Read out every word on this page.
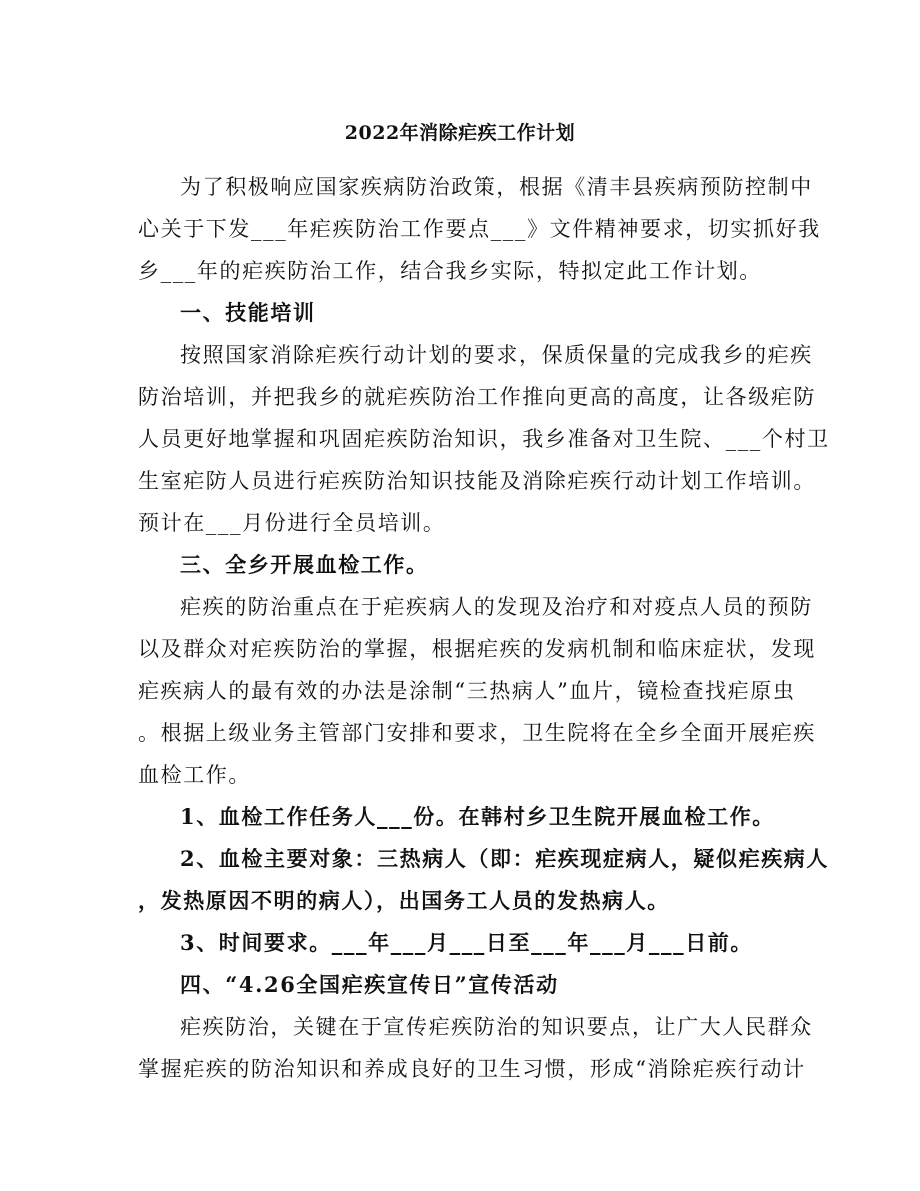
2022年消除疟疾工作计划
为了积极响应国家疾病防治政策，根据《清丰县疾病预防控制中
心关于下发___年疟疾防治工作要点___》文件精神要求，切实抓好我
乡___年的疟疾防治工作，结合我乡实际，特拟定此工作计划。
一、技能培训
按照国家消除疟疾行动计划的要求，保质保量的完成我乡的疟疾
防治培训，并把我乡的就疟疾防治工作推向更高的高度，让各级疟防
人员更好地掌握和巩固疟疾防治知识，我乡准备对卫生院、___个村卫
生室疟防人员进行疟疾防治知识技能及消除疟疾行动计划工作培训。
预计在___月份进行全员培训。
三、全乡开展血检工作。
疟疾的防治重点在于疟疾病人的发现及治疗和对疫点人员的预防
以及群众对疟疾防治的掌握，根据疟疾的发病机制和临床症状，发现
疟疾病人的最有效的办法是涂制“三热病人”血片，镜检查找疟原虫
。根据上级业务主管部门安排和要求，卫生院将在全乡全面开展疟疾
血检工作。
1、血检工作任务人___份。在韩村乡卫生院开展血检工作。
2、血检主要对象：三热病人（即：疟疾现症病人，疑似疟疾病人
，发热原因不明的病人），出国务工人员的发热病人。
3、时间要求。___年___月___日至___年___月___日前。
四、“4.26全国疟疾宣传日”宣传活动
疟疾防治，关键在于宣传疟疾防治的知识要点，让广大人民群众
掌握疟疾的防治知识和养成良好的卫生习惯，形成“消除疟疾行动计
